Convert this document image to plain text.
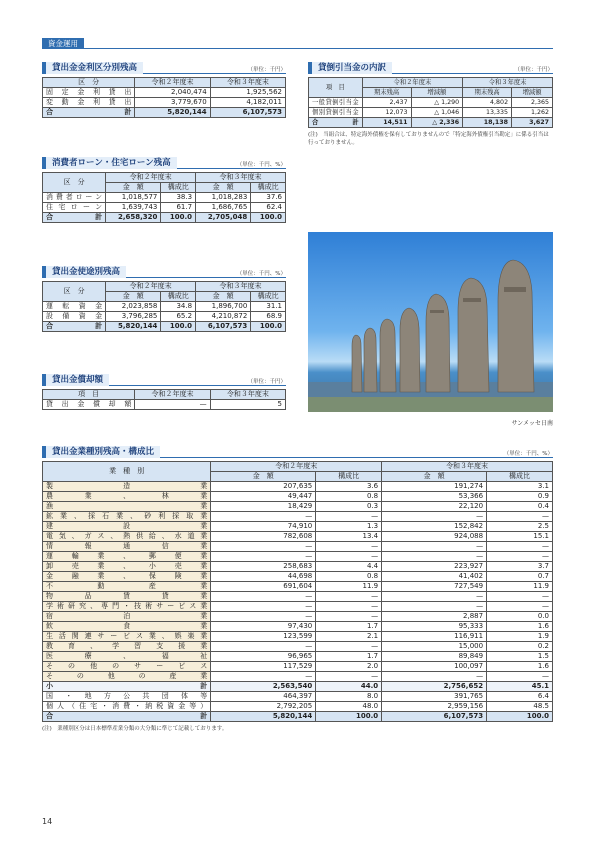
資金運用
貸出金金利区分別残高	（単位：千円）
区　分	令和２年度末	令和３年度末
固定金利貸出	2,040,474	1,925,562
変動金利貸出	3,779,670	4,182,011
合　　計	5,820,144	6,107,573
消費者ローン・住宅ローン残高	（単位：千円、%）
区　分	令和２年度末		令和３年度末	
	金　額	構成比	金　額	構成比
消費者ローン	1,018,577	38.3	1,018,283	37.6
住宅ローン	1,639,743	61.7	1,686,765	62.4
合　　計	2,658,320	100.0	2,705,048	100.0
貸出金使途別残高	（単位：千円、%）
区　分	令和２年度末		令和３年度末	
	金　額	構成比	金　額	構成比
運転資金	2,023,858	34.8	1,896,700	31.1
設備資金	3,796,285	65.2	4,210,872	68.9
合　　計	5,820,144	100.0	6,107,573	100.0
貸出金償却額	（単位：千円）
項　目	令和２年度末	令和３年度末
貸出金償却額	—	5
貸倒引当金の内訳	（単位：千円）
項　目	令和２年度末		令和３年度末	
	期末残高	増減額	期末残高	増減額
一般貸倒引当金	2,437	△ 1,290	4,802	2,365
個別貸倒引当金	12,073	△ 1,046	13,335	1,262
合　計	14,511	△ 2,336	18,138	3,627
(注)　当組合は、特定海外債権を保有しておりませんので「特定海外債権引当勘定」に係る引当は行っておりません。
サンメッセ日南
貸出金業種別残高・構成比	（単位：千円、%）
業　種　別	令和２年度末		令和３年度末	
	金　額	構成比	金　額	構成比
製造業	207,635	3.6	191,274	3.1
農業、林業	49,447	0.8	53,366	0.9
漁業	18,429	0.3	22,120	0.4
鉱業、採石業、砂利採取業	—	—	—	—
建設業	74,910	1.3	152,842	2.5
電気、ガス、熱供給、水道業	782,608	13.4	924,088	15.1
情報通信業	—	—	—	—
運輸業、郵便業	—	—	—	—
卸売業、小売業	258,683	4.4	223,927	3.7
金融業、保険業	44,698	0.8	41,402	0.7
不動産業	691,604	11.9	727,549	11.9
物品賃貸業	—	—	—	—
学術研究、専門・技術サービス業	—	—	—	—
宿泊業	—	—	2,887	0.0
飲食業	97,430	1.7	95,333	1.6
生活関連サービス業、娯楽業	123,599	2.1	116,911	1.9
教育、学習支援業	—	—	15,000	0.2
医療、福祉	96,965	1.7	89,849	1.5
その他のサービス	117,529	2.0	100,097	1.6
その他の産業	—	—	—	—
小　　計	2,563,540	44.0	2,756,652	45.1
国・地方公共団体等	464,397	8.0	391,765	6.4
個人（住宅・消費・納税資金等）	2,792,205	48.0	2,959,156	48.5
合　　計	5,820,144	100.0	6,107,573	100.0
(注)　業種別区分は日本標準産業分類の大分類に準じて記載しております。
14
